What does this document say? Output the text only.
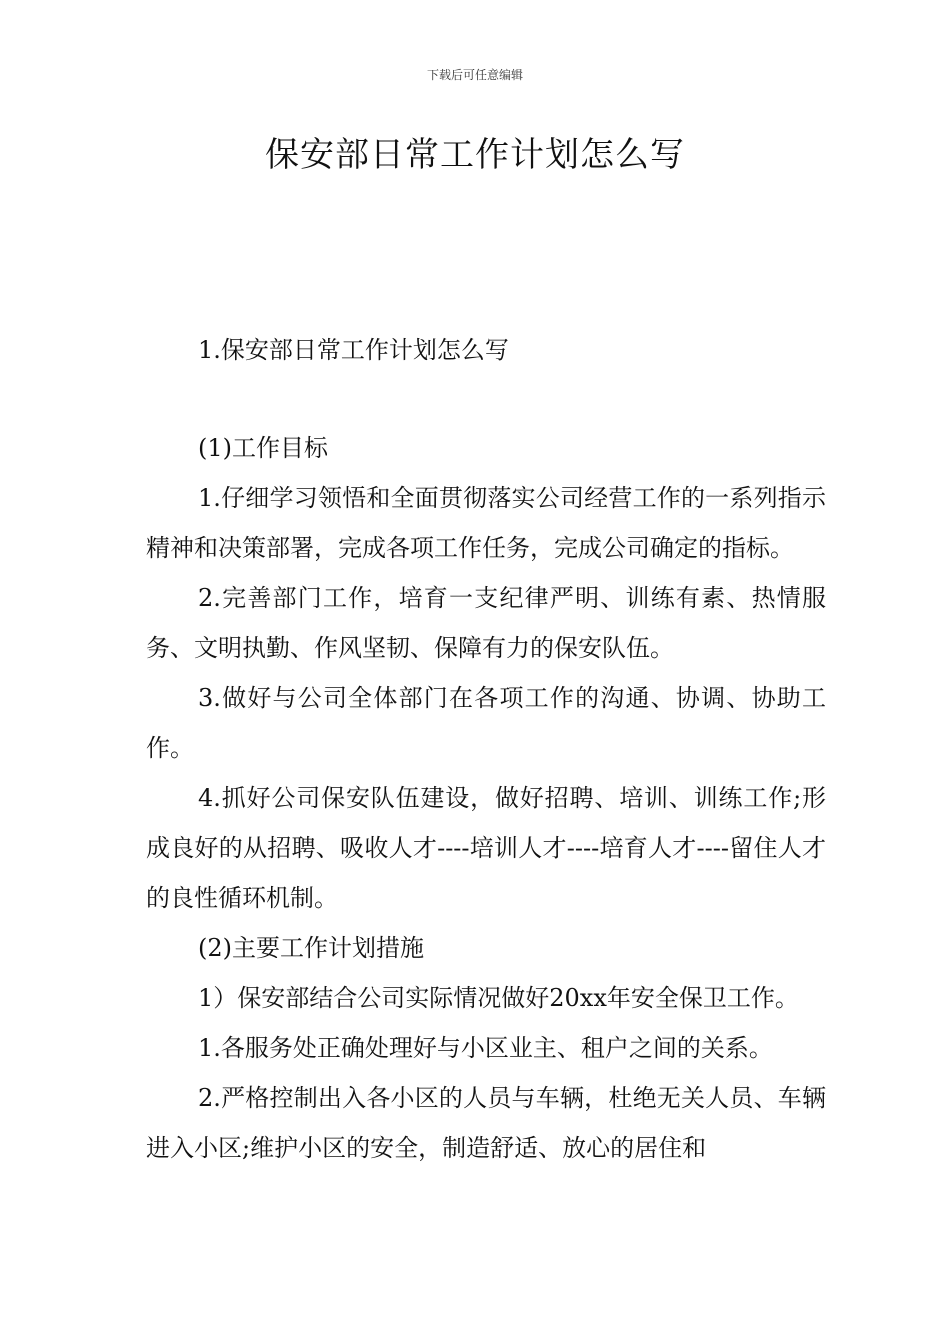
下载后可任意编辑
保安部日常工作计划怎么写

1.保安部日常工作计划怎么写

(1)工作目标

1.仔细学习领悟和全面贯彻落实公司经营工作的一系列指示精神和决策部署，完成各项工作任务，完成公司确定的指标。

2.完善部门工作，培育一支纪律严明、训练有素、热情服务、文明执勤、作风坚韧、保障有力的保安队伍。

3.做好与公司全体部门在各项工作的沟通、协调、协助工作。

4.抓好公司保安队伍建设，做好招聘、培训、训练工作;形成良好的从招聘、吸收人才----培训人才----培育人才----留住人才的良性循环机制。

(2)主要工作计划措施

1）保安部结合公司实际情况做好20xx年安全保卫工作。

1.各服务处正确处理好与小区业主、租户之间的关系。

2.严格控制出入各小区的人员与车辆，杜绝无关人员、车辆进入小区;维护小区的安全，制造舒适、放心的居住和
